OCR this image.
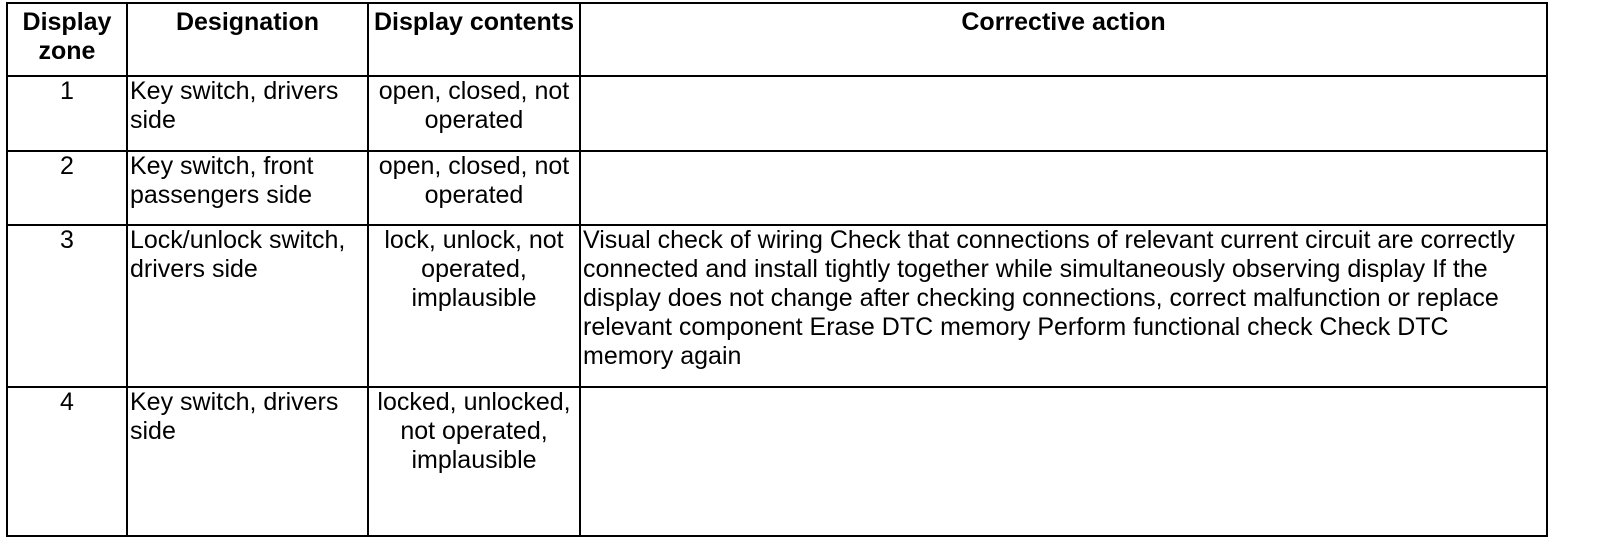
Display zone	Designation	Display contents	Corrective action
1	Key switch, drivers side	open, closed, not operated	
2	Key switch, front passengers side	open, closed, not operated	
3	Lock/unlock switch, drivers side	lock, unlock, not operated, implausible	Visual check of wiring Check that connections of relevant current circuit are correctly connected and install tightly together while simultaneously observing display If the display does not change after checking connections, correct malfunction or replace relevant component Erase DTC memory Perform functional check Check DTC memory again
4	Key switch, drivers side	locked, unlocked, not operated, implausible	
